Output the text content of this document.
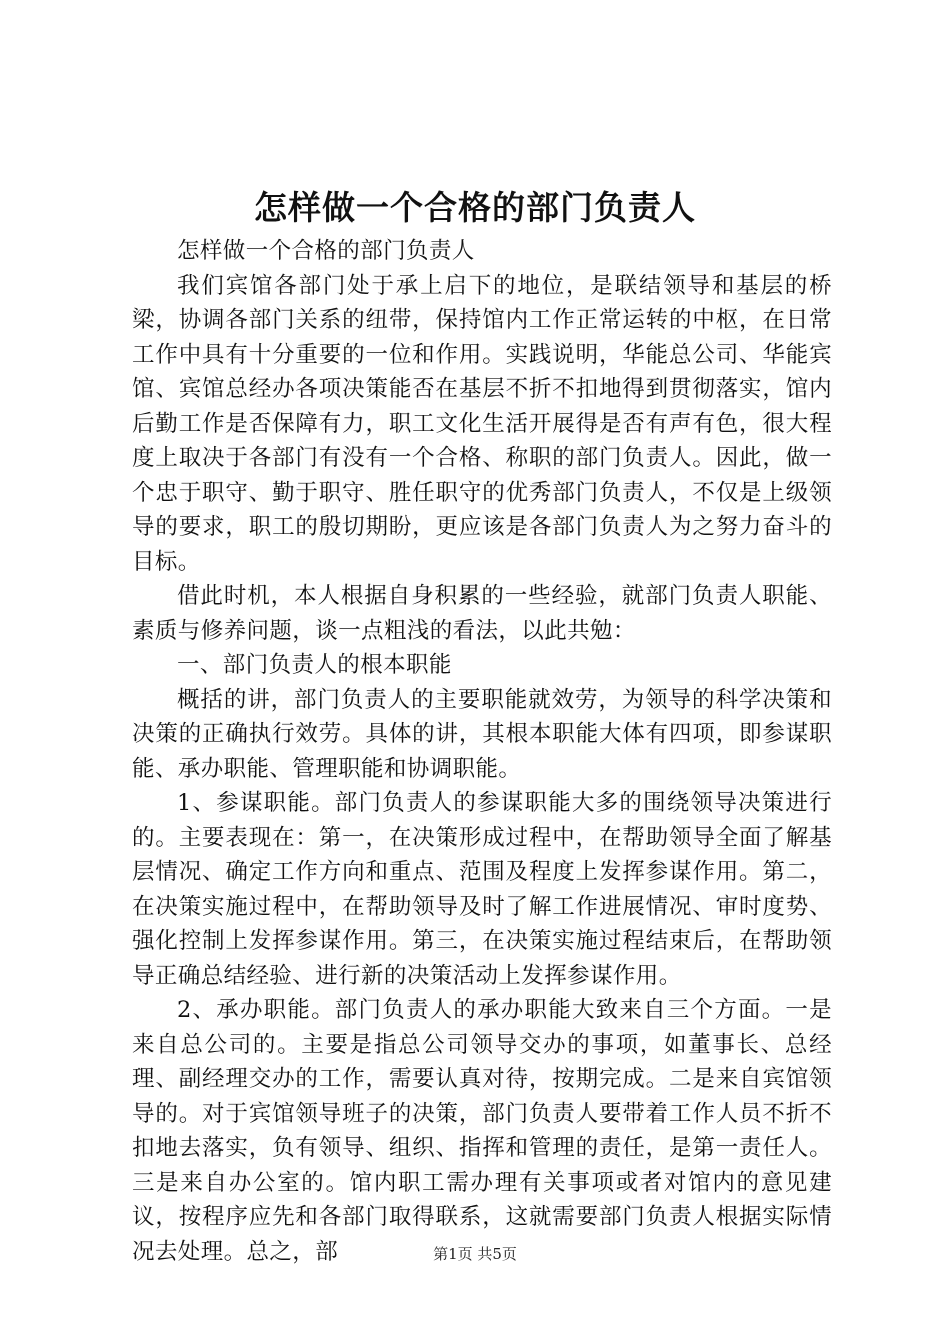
怎样做一个合格的部门负责人

怎样做一个合格的部门负责人

我们宾馆各部门处于承上启下的地位，是联结领导和基层的桥梁，协调各部门关系的纽带，保持馆内工作正常运转的中枢，在日常工作中具有十分重要的一位和作用。实践说明，华能总公司、华能宾馆、宾馆总经办各项决策能否在基层不折不扣地得到贯彻落实，馆内后勤工作是否保障有力，职工文化生活开展得是否有声有色，很大程度上取决于各部门有没有一个合格、称职的部门负责人。因此，做一个忠于职守、勤于职守、胜任职守的优秀部门负责人，不仅是上级领导的要求，职工的殷切期盼，更应该是各部门负责人为之努力奋斗的目标。

借此时机，本人根据自身积累的一些经验，就部门负责人职能、素质与修养问题，谈一点粗浅的看法，以此共勉：

一、部门负责人的根本职能

概括的讲，部门负责人的主要职能就效劳，为领导的科学决策和决策的正确执行效劳。具体的讲，其根本职能大体有四项，即参谋职能、承办职能、管理职能和协调职能。

1、参谋职能。部门负责人的参谋职能大多的围绕领导决策进行的。主要表现在：第一，在决策形成过程中，在帮助领导全面了解基层情况、确定工作方向和重点、范围及程度上发挥参谋作用。第二，在决策实施过程中，在帮助领导及时了解工作进展情况、审时度势、强化控制上发挥参谋作用。第三，在决策实施过程结束后，在帮助领导正确总结经验、进行新的决策活动上发挥参谋作用。

2、承办职能。部门负责人的承办职能大致来自三个方面。一是来自总公司的。主要是指总公司领导交办的事项，如董事长、总经理、副经理交办的工作，需要认真对待，按期完成。二是来自宾馆领导的。对于宾馆领导班子的决策，部门负责人要带着工作人员不折不扣地去落实，负有领导、组织、指挥和管理的责任，是第一责任人。三是来自办公室的。馆内职工需办理有关事项或者对馆内的意见建议，按程序应先和各部门取得联系，这就需要部门负责人根据实际情况去处理。总之，部	第1页 共5页
